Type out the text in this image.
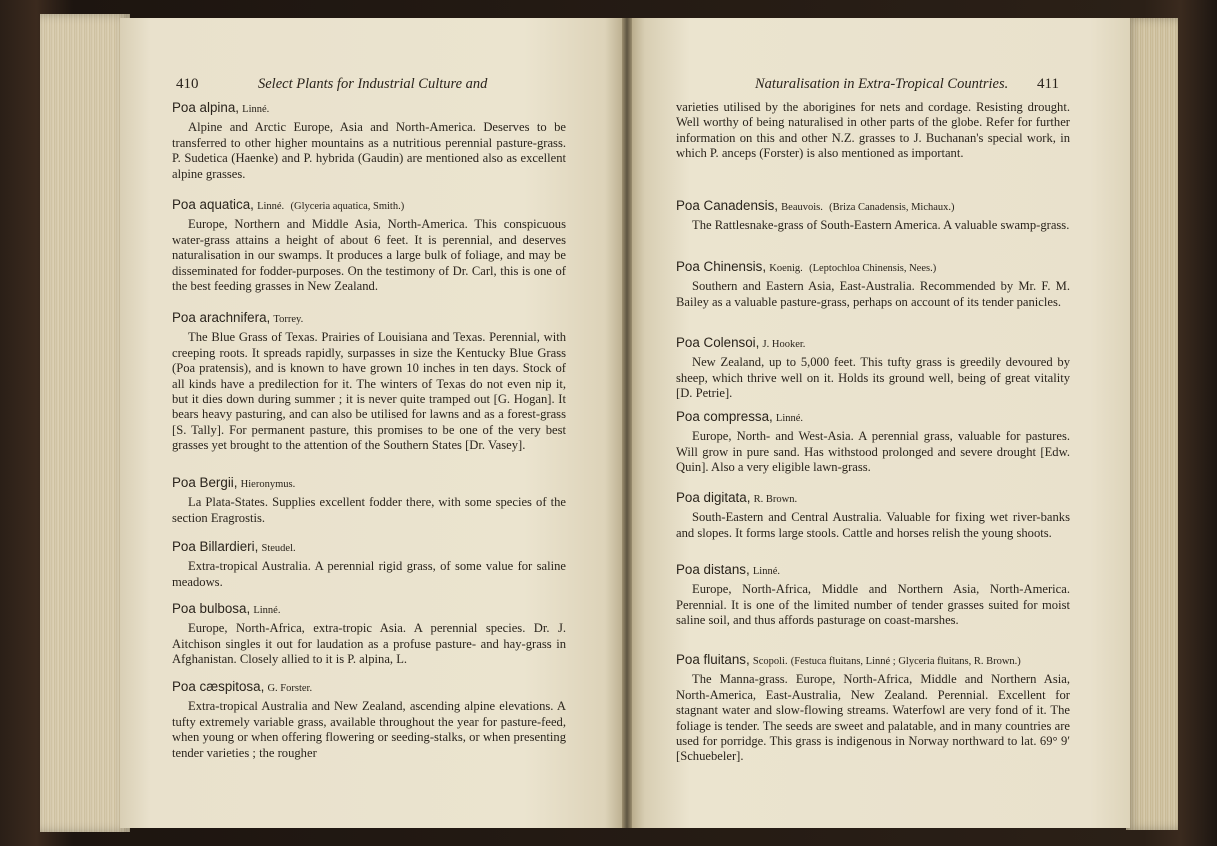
410	Select Plants for Industrial Culture and	Naturalisation in Extra-Tropical Countries. 411
Poa alpina, Linné.

Alpine and Arctic Europe, Asia and North-America. Deserves to be transferred to other higher mountains as a nutritious perennial pasture-grass. P. Sudetica (Haenke) and P. hybrida (Gaudin) are mentioned also as excellent alpine grasses.

Poa aquatica, Linné. (Glyceria aquatica, Smith.)

Europe, Northern and Middle Asia, North-America. This conspicuous water-grass attains a height of about 6 feet. It is perennial, and deserves naturalisation in our swamps. It produces a large bulk of foliage, and may be disseminated for fodder-purposes. On the testimony of Dr. Carl, this is one of the best feeding grasses in New Zealand.

Poa arachnifera, Torrey.

The Blue Grass of Texas. Prairies of Louisiana and Texas. Perennial, with creeping roots. It spreads rapidly, surpasses in size the Kentucky Blue Grass (Poa pratensis), and is known to have grown 10 inches in ten days. Stock of all kinds have a predilection for it. The winters of Texas do not even nip it, but it dies down during summer ; it is never quite tramped out [G. Hogan]. It bears heavy pasturing, and can also be utilised for lawns and as a forest-grass [S. Tally]. For permanent pasture, this promises to be one of the very best grasses yet brought to the attention of the Southern States [Dr. Vasey].

Poa Bergii, Hieronymus.

La Plata-States. Supplies excellent fodder there, with some species of the section Eragrostis.

Poa Billardieri, Steudel.

Extra-tropical Australia. A perennial rigid grass, of some value for saline meadows.

Poa bulbosa, Linné.

Europe, North-Africa, extra-tropic Asia. A perennial species. Dr. J. Aitchison singles it out for laudation as a profuse pasture- and hay-grass in Afghanistan. Closely allied to it is P. alpina, L.

Poa cæspitosa, G. Forster.

Extra-tropical Australia and New Zealand, ascending alpine elevations. A tufty extremely variable grass, available throughout the year for pasture-feed, when young or when offering flowering or seeding-stalks, or when presenting tender varieties ; the rougher

varieties utilised by the aborigines for nets and cordage. Resisting drought. Well worthy of being naturalised in other parts of the globe. Refer for further information on this and other N.Z. grasses to J. Buchanan's special work, in which P. anceps (Forster) is also mentioned as important.

Poa Canadensis, Beauvois. (Briza Canadensis, Michaux.)

The Rattlesnake-grass of South-Eastern America. A valuable swamp-grass.

Poa Chinensis, Koenig. (Leptochloa Chinensis, Nees.)

Southern and Eastern Asia, East-Australia. Recommended by Mr. F. M. Bailey as a valuable pasture-grass, perhaps on account of its tender panicles.

Poa Colensoi, J. Hooker.

New Zealand, up to 5,000 feet. This tufty grass is greedily devoured by sheep, which thrive well on it. Holds its ground well, being of great vitality [D. Petrie].

Poa compressa, Linné.

Europe, North- and West-Asia. A perennial grass, valuable for pastures. Will grow in pure sand. Has withstood prolonged and severe drought [Edw. Quin]. Also a very eligible lawn-grass.

Poa digitata, R. Brown.

South-Eastern and Central Australia. Valuable for fixing wet river-banks and slopes. It forms large stools. Cattle and horses relish the young shoots.

Poa distans, Linné.

Europe, North-Africa, Middle and Northern Asia, North-America. Perennial. It is one of the limited number of tender grasses suited for moist saline soil, and thus affords pasturage on coast-marshes.

Poa fluitans, Scopoli. (Festuca fluitans, Linné ; Glyceria fluitans, R. Brown.)

The Manna-grass. Europe, North-Africa, Middle and Northern Asia, North-America, East-Australia, New Zealand. Perennial. Excellent for stagnant water and slow-flowing streams. Waterfowl are very fond of it. The foliage is tender. The seeds are sweet and palatable, and in many countries are used for porridge. This grass is indigenous in Norway northward to lat. 69° 9′ [Schuebeler].
